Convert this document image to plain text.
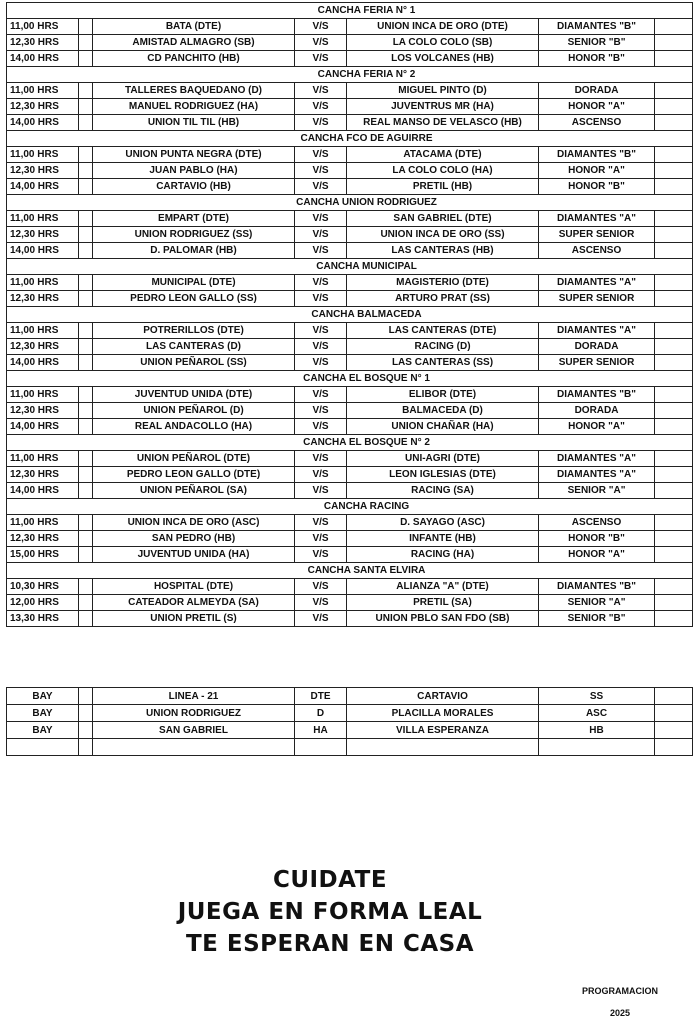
	CANCHA FERIA N° 1					
11,00 HRS		BATA (DTE)	V/S	UNION INCA DE ORO (DTE)	DIAMANTES "B"	
12,30 HRS		AMISTAD ALMAGRO (SB)	V/S	LA COLO COLO (SB)	SENIOR "B"	
14,00 HRS		CD PANCHITO (HB)	V/S	LOS VOLCANES (HB)	HONOR "B"	
	CANCHA FERIA N° 2					
11,00 HRS		TALLERES BAQUEDANO (D)	V/S	MIGUEL PINTO (D)	DORADA	
12,30 HRS		MANUEL RODRIGUEZ (HA)	V/S	JUVENTRUS MR (HA)	HONOR "A"	
14,00 HRS		UNION TIL TIL (HB)	V/S	REAL MANSO DE VELASCO (HB)	ASCENSO	
	CANCHA FCO DE AGUIRRE					
11,00 HRS		UNION PUNTA NEGRA (DTE)	V/S	ATACAMA (DTE)	DIAMANTES "B"	
12,30 HRS		JUAN PABLO (HA)	V/S	LA COLO COLO (HA)	HONOR "A"	
14,00 HRS		CARTAVIO (HB)	V/S	PRETIL (HB)	HONOR "B"	
	CANCHA UNION RODRIGUEZ					
11,00 HRS		EMPART (DTE)	V/S	SAN GABRIEL (DTE)	DIAMANTES "A"	
12,30 HRS		UNION RODRIGUEZ (SS)	V/S	UNION INCA DE ORO (SS)	SUPER SENIOR	
14,00 HRS		D. PALOMAR (HB)	V/S	LAS CANTERAS (HB)	ASCENSO	
	CANCHA MUNICIPAL					
11,00 HRS		MUNICIPAL (DTE)	V/S	MAGISTERIO (DTE)	DIAMANTES "A"	
12,30 HRS		PEDRO LEON GALLO (SS)	V/S	ARTURO PRAT (SS)	SUPER SENIOR	
	CANCHA BALMACEDA					
11,00 HRS		POTRERILLOS (DTE)	V/S	LAS CANTERAS (DTE)	DIAMANTES "A"	
12,30 HRS		LAS CANTERAS (D)	V/S	RACING (D)	DORADA	
14,00 HRS		UNION PEÑAROL (SS)	V/S	LAS CANTERAS (SS)	SUPER SENIOR	
	CANCHA EL BOSQUE N° 1					
11,00 HRS		JUVENTUD UNIDA (DTE)	V/S	ELIBOR (DTE)	DIAMANTES "B"	
12,30 HRS		UNION PEÑAROL (D)	V/S	BALMACEDA (D)	DORADA	
14,00 HRS		REAL ANDACOLLO (HA)	V/S	UNION CHAÑAR (HA)	HONOR "A"	
	CANCHA EL BOSQUE N° 2					
11,00 HRS		UNION PEÑAROL (DTE)	V/S	UNI-AGRI (DTE)	DIAMANTES "A"	
12,30 HRS		PEDRO LEON GALLO (DTE)	V/S	LEON IGLESIAS (DTE)	DIAMANTES "A"	
14,00 HRS		UNION PEÑAROL (SA)	V/S	RACING (SA)	SENIOR "A"	
	CANCHA RACING					
11,00 HRS		UNION INCA DE ORO (ASC)	V/S	D. SAYAGO (ASC)	ASCENSO	
12,30 HRS		SAN PEDRO (HB)	V/S	INFANTE (HB)	HONOR "B"	
15,00 HRS		JUVENTUD UNIDA (HA)	V/S	RACING (HA)	HONOR "A"	
	CANCHA SANTA ELVIRA					
10,30 HRS		HOSPITAL (DTE)	V/S	ALIANZA "A" (DTE)	DIAMANTES "B"	
12,00 HRS		CATEADOR ALMEYDA (SA)	V/S	PRETIL (SA)	SENIOR "A"	
13,30 HRS		UNION PRETIL (S)	V/S	UNION PBLO SAN FDO (SB)	SENIOR "B"	
BAY		LINEA - 21	DTE	CARTAVIO	SS	
BAY		UNION RODRIGUEZ	D	PLACILLA MORALES	ASC	
BAY		SAN GABRIEL	HA	VILLA ESPERANZA	HB	

CUIDATE
JUEGA EN FORMA LEAL
TE ESPERAN EN CASA
PROGRAMACION
2025
